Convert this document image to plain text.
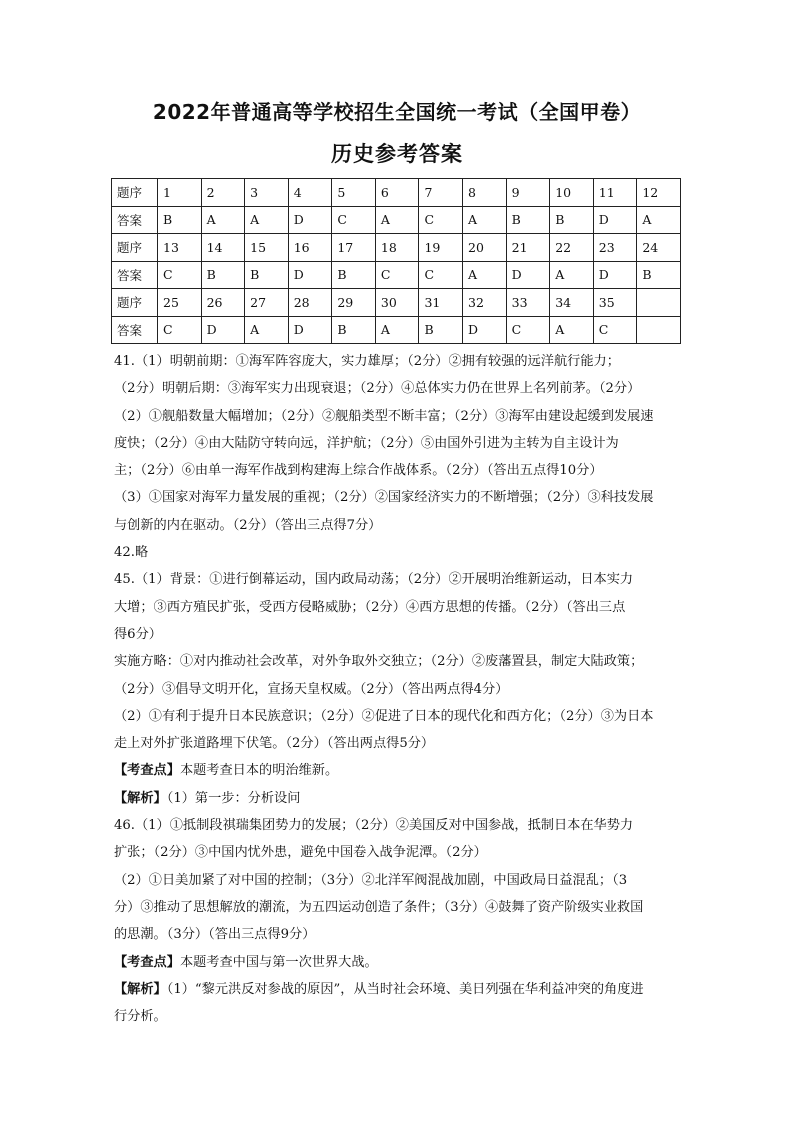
2022年普通高等学校招生全国统一考试（全国甲卷）
历史参考答案
题序	1	2	3	4	5	6	7	8	9	10	11	12
答案	B	A	A	D	C	A	C	A	B	B	D	A
题序	13	14	15	16	17	18	19	20	21	22	23	24
答案	C	B	B	D	B	C	C	A	D	A	D	B
题序	25	26	27	28	29	30	31	32	33	34	35	
答案	C	D	A	D	B	A	B	D	C	A	C	

41.（1）明朝前期：①海军阵容庞大，实力雄厚；（2分）②拥有较强的远洋航行能力；

（2分）明朝后期：③海军实力出现衰退；（2分）④总体实力仍在世界上名列前茅。（2分）

（2）①舰船数量大幅增加；（2分）②舰船类型不断丰富；（2分）③海军由建设起缓到发展速

度快；（2分）④由大陆防守转向远，洋护航；（2分）⑤由国外引进为主转为自主设计为

主；（2分）⑥由单一海军作战到构建海上综合作战体系。（2分）（答出五点得10分）

（3）①国家对海军力量发展的重视；（2分）②国家经济实力的不断增强；（2分）③科技发展

与创新的内在驱动。（2分）（答出三点得7分）

42.略

45.（1）背景：①进行倒幕运动，国内政局动荡；（2分）②开展明治维新运动，日本实力

大增；③西方殖民扩张，受西方侵略威胁；（2分）④西方思想的传播。（2分）（答出三点

得6分）

实施方略：①对内推动社会改革，对外争取外交独立；（2分）②废藩置县，制定大陆政策；

（2分）③倡导文明开化，宣扬天皇权威。（2分）（答出两点得4分）

（2）①有利于提升日本民族意识；（2分）②促进了日本的现代化和西方化；（2分）③为日本

走上对外扩张道路埋下伏笔。（2分）（答出两点得5分）

【考查点】本题考查日本的明治维新。

【解析】（1）第一步：分析设问

46.（1）①抵制段祺瑞集团势力的发展；（2分）②美国反对中国参战，抵制日本在华势力

扩张；（2分）③中国内忧外患，避免中国卷入战争泥潭。（2分）

（2）①日美加紧了对中国的控制；（3分）②北洋军阀混战加剧，中国政局日益混乱；（3

分）③推动了思想解放的潮流，为五四运动创造了条件；（3分）④鼓舞了资产阶级实业救国

的思潮。（3分）（答出三点得9分）

【考查点】本题考查中国与第一次世界大战。

【解析】（1）“黎元洪反对参战的原因”，从当时社会环境、美日列强在华利益冲突的角度进

行分析。
